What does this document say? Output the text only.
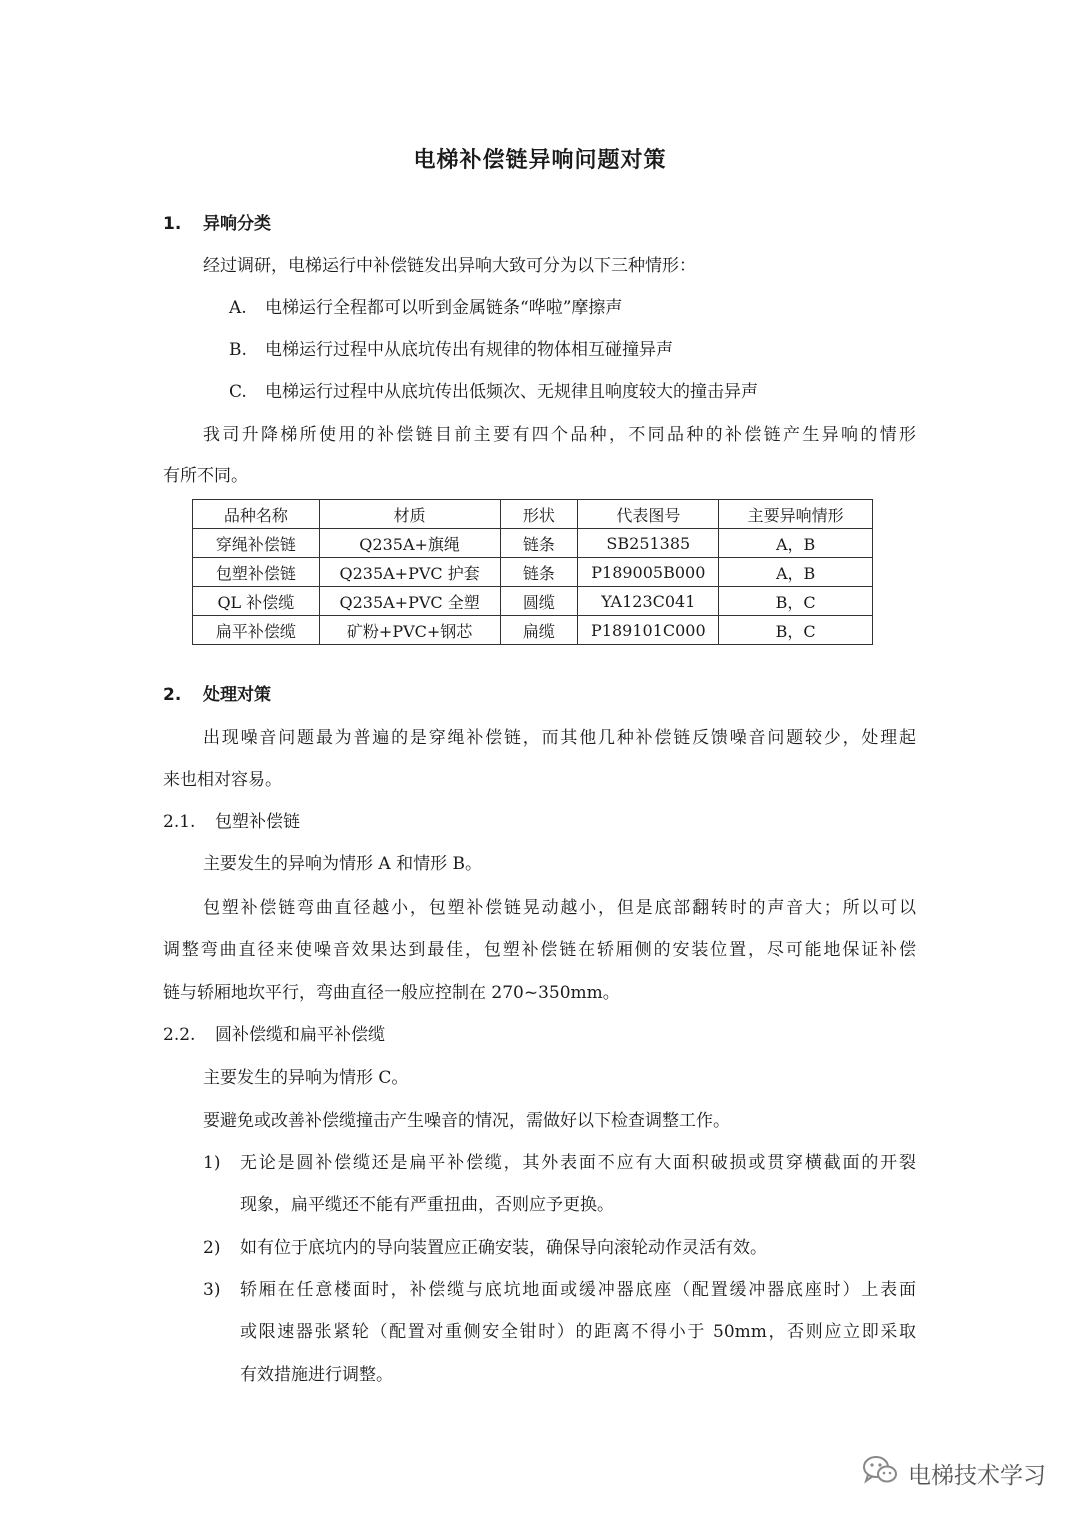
电梯补偿链异响问题对策
1. 异响分类
经过调研，电梯运行中补偿链发出异响大致可分为以下三种情形：
A. 电梯运行全程都可以听到金属链条“哗啦”摩擦声
B. 电梯运行过程中从底坑传出有规律的物体相互碰撞异声
C. 电梯运行过程中从底坑传出低频次、无规律且响度较大的撞击异声
我司升降梯所使用的补偿链目前主要有四个品种，不同品种的补偿链产生异响的情形
有所不同。
品种名称	材质	形状	代表图号	主要异响情形
穿绳补偿链	Q235A+旗绳	链条	SB251385	A，B
包塑补偿链	Q235A+PVC 护套	链条	P189005B000	A，B
QL 补偿缆	Q235A+PVC 全塑	圆缆	YA123C041	B，C
扁平补偿缆	矿粉+PVC+钢芯	扁缆	P189101C000	B，C
2. 处理对策
出现噪音问题最为普遍的是穿绳补偿链，而其他几种补偿链反馈噪音问题较少，处理起
来也相对容易。
2.1. 包塑补偿链
主要发生的异响为情形 A 和情形 B。
包塑补偿链弯曲直径越小，包塑补偿链晃动越小，但是底部翻转时的声音大；所以可以
调整弯曲直径来使噪音效果达到最佳，包塑补偿链在轿厢侧的安装位置，尽可能地保证补偿
链与轿厢地坎平行，弯曲直径一般应控制在 270~350mm。
2.2. 圆补偿缆和扁平补偿缆
主要发生的异响为情形 C。
要避免或改善补偿缆撞击产生噪音的情况，需做好以下检查调整工作。
1) 无论是圆补偿缆还是扁平补偿缆，其外表面不应有大面积破损或贯穿横截面的开裂
现象，扁平缆还不能有严重扭曲，否则应予更换。
2) 如有位于底坑内的导向装置应正确安装，确保导向滚轮动作灵活有效。
3) 轿厢在任意楼面时，补偿缆与底坑地面或缓冲器底座（配置缓冲器底座时）上表面
或限速器张紧轮（配置对重侧安全钳时）的距离不得小于 50mm，否则应立即采取
有效措施进行调整。
电梯技术学习
